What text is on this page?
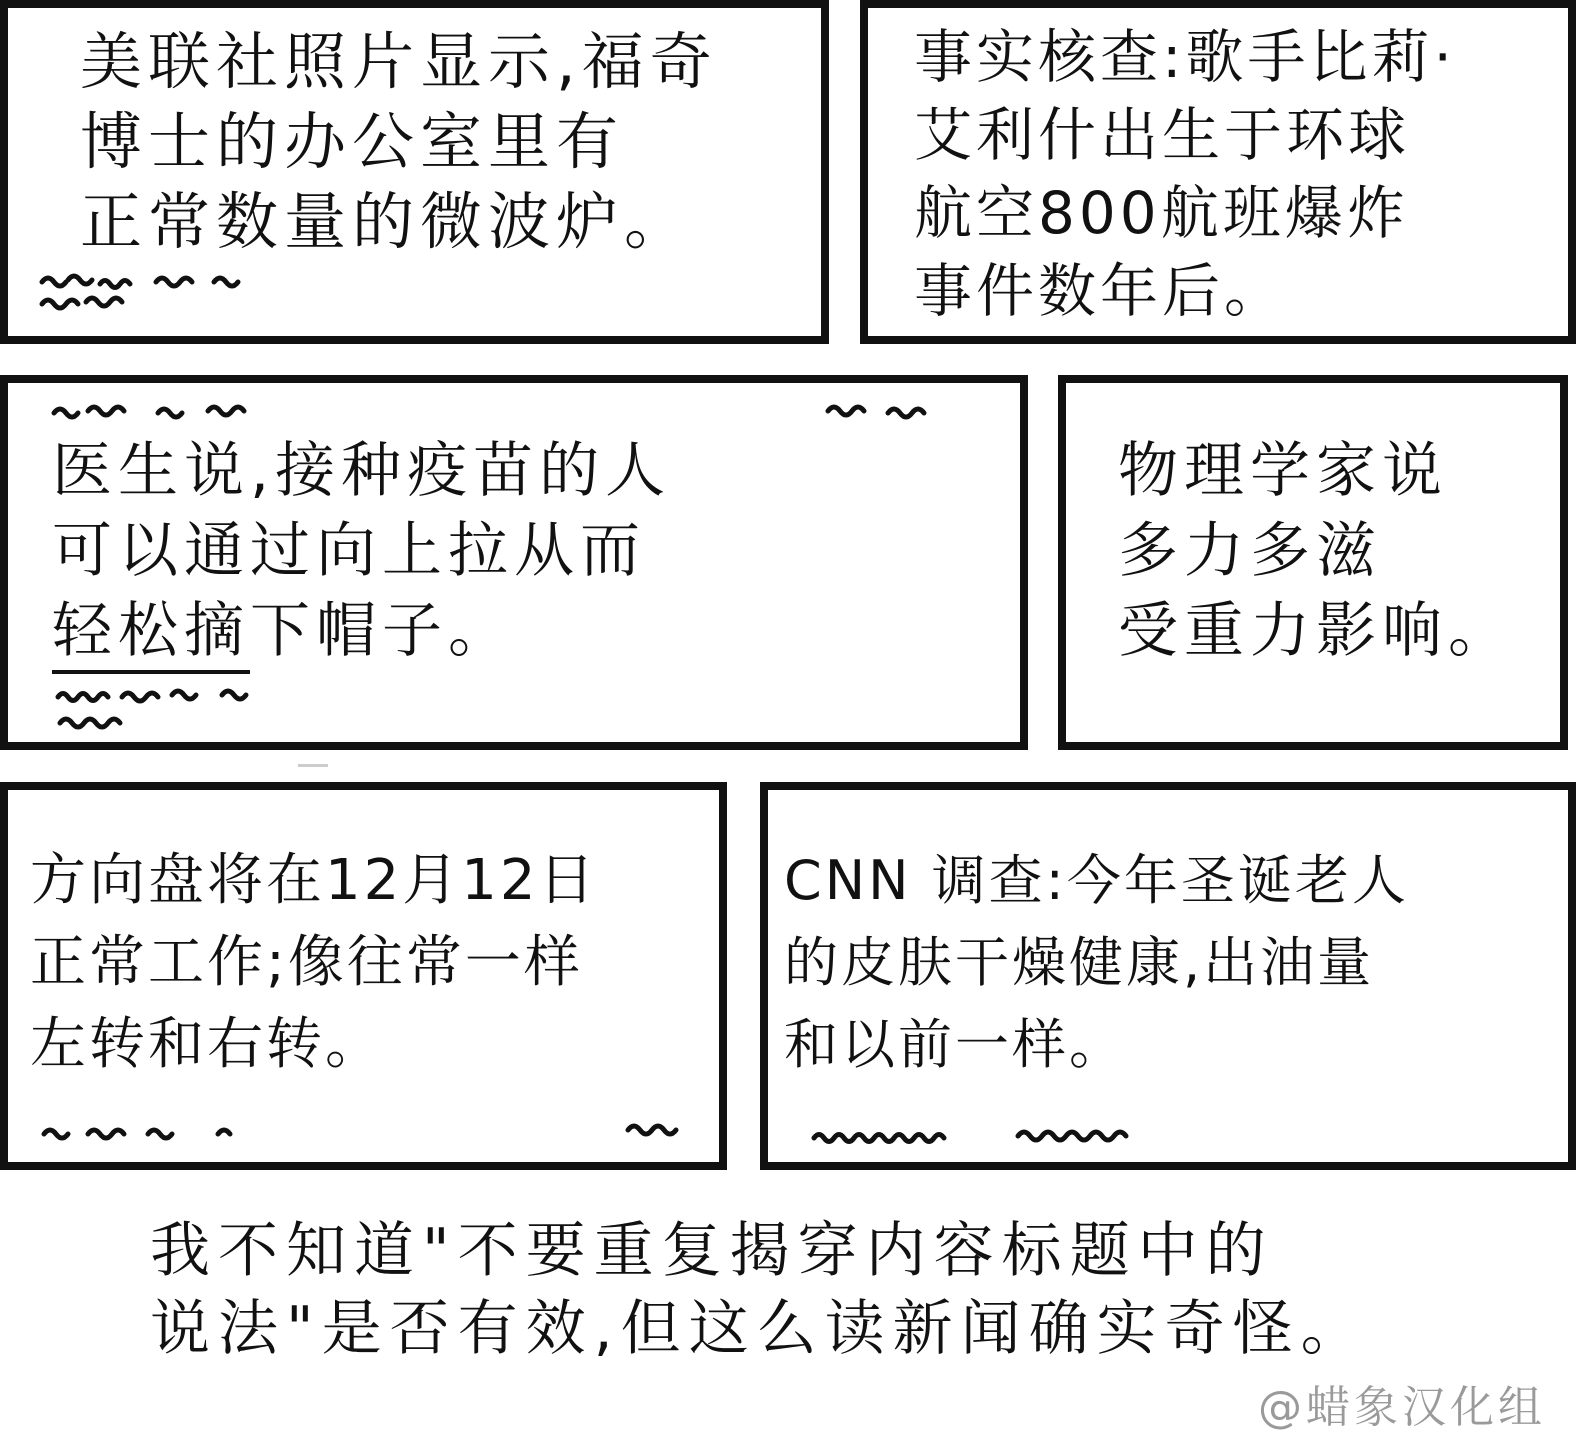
美联社照片显示,福奇
博士的办公室里有
正常数量的微波炉。

事实核查:歌手比莉·
艾利什出生于环球
航空800航班爆炸
事件数年后。

医生说,接种疫苗的人

可以通过向上拉从而

轻松摘下帽子。

物理学家说
多力多滋
受重力影响。

方向盘将在12月12日
正常工作;像往常一样
左转和右转。

CNN 调查:今年圣诞老人
的皮肤干燥健康,出油量
和以前一样。

我不知道"不要重复揭穿内容标题中的
说法"是否有效,但这么读新闻确实奇怪。

@蜡象汉化组
